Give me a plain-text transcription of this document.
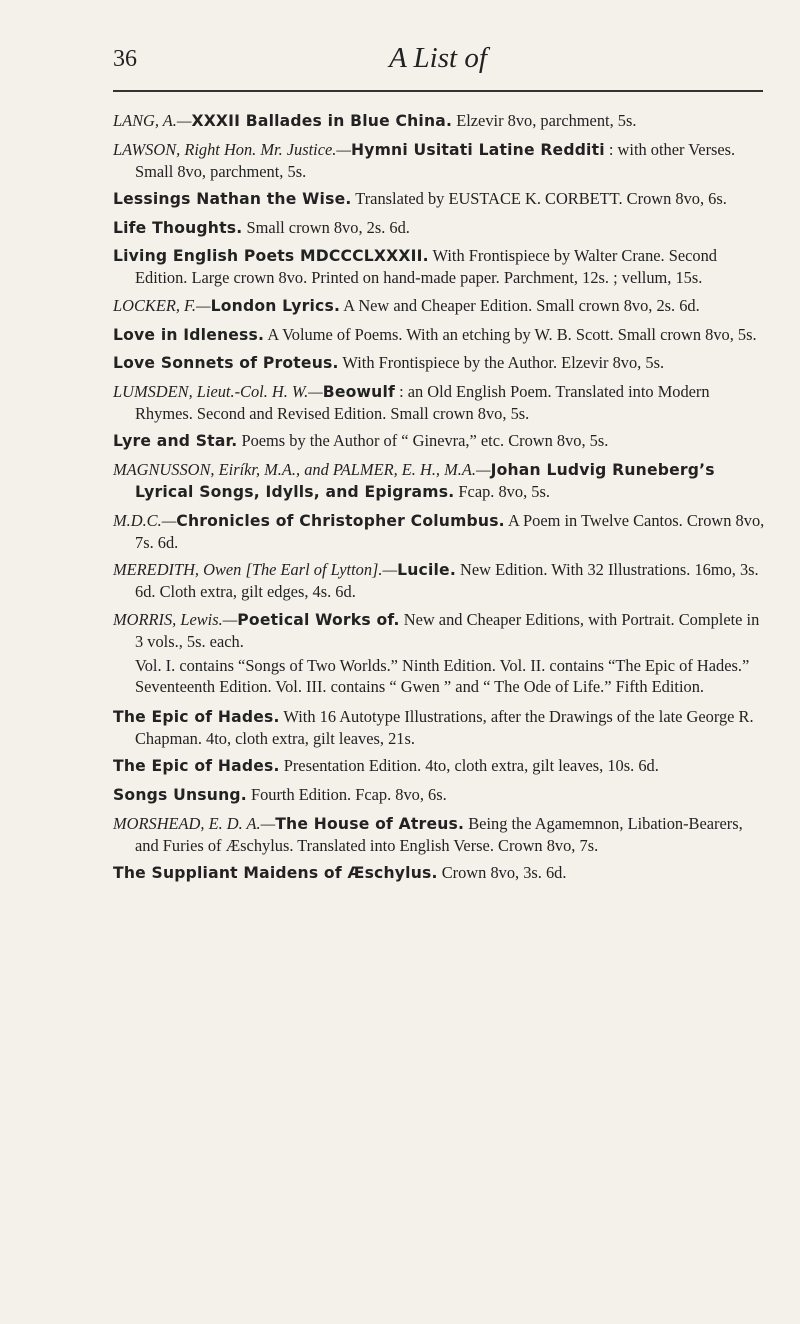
36	A List of

LANG, A.—XXXII Ballades in Blue China. Elzevir 8vo, parchment, 5s.

LAWSON, Right Hon. Mr. Justice.—Hymni Usitati Latine Redditi : with other Verses. Small 8vo, parchment, 5s.

Lessings Nathan the Wise. Translated by EUSTACE K. CORBETT. Crown 8vo, 6s.

Life Thoughts. Small crown 8vo, 2s. 6d.

Living English Poets MDCCCLXXXII. With Frontispiece by Walter Crane. Second Edition. Large crown 8vo. Printed on hand-made paper. Parchment, 12s. ; vellum, 15s.

LOCKER, F.—London Lyrics. A New and Cheaper Edition. Small crown 8vo, 2s. 6d.

Love in Idleness. A Volume of Poems. With an etching by W. B. Scott. Small crown 8vo, 5s.

Love Sonnets of Proteus. With Frontispiece by the Author. Elzevir 8vo, 5s.

LUMSDEN, Lieut.-Col. H. W.—Beowulf : an Old English Poem. Translated into Modern Rhymes. Second and Revised Edition. Small crown 8vo, 5s.

Lyre and Star. Poems by the Author of “ Ginevra,” etc. Crown 8vo, 5s.

MAGNUSSON, Eiríkr, M.A., and PALMER, E. H., M.A.—Johan Ludvig Runeberg’s Lyrical Songs, Idylls, and Epigrams. Fcap. 8vo, 5s.

M.D.C.—Chronicles of Christopher Columbus. A Poem in Twelve Cantos. Crown 8vo, 7s. 6d.

MEREDITH, Owen [The Earl of Lytton].—Lucile. New Edition. With 32 Illustrations. 16mo, 3s. 6d. Cloth extra, gilt edges, 4s. 6d.

MORRIS, Lewis.—Poetical Works of. New and Cheaper Editions, with Portrait. Complete in 3 vols., 5s. each.

Vol. I. contains “Songs of Two Worlds.” Ninth Edition. Vol. II. contains “The Epic of Hades.” Seventeenth Edition. Vol. III. contains “ Gwen ” and “ The Ode of Life.” Fifth Edition.

The Epic of Hades. With 16 Autotype Illustrations, after the Drawings of the late George R. Chapman. 4to, cloth extra, gilt leaves, 21s.

The Epic of Hades. Presentation Edition. 4to, cloth extra, gilt leaves, 10s. 6d.

Songs Unsung. Fourth Edition. Fcap. 8vo, 6s.

MORSHEAD, E. D. A.—The House of Atreus. Being the Agamemnon, Libation-Bearers, and Furies of Æschylus. Translated into English Verse. Crown 8vo, 7s.

The Suppliant Maidens of Æschylus. Crown 8vo, 3s. 6d.
